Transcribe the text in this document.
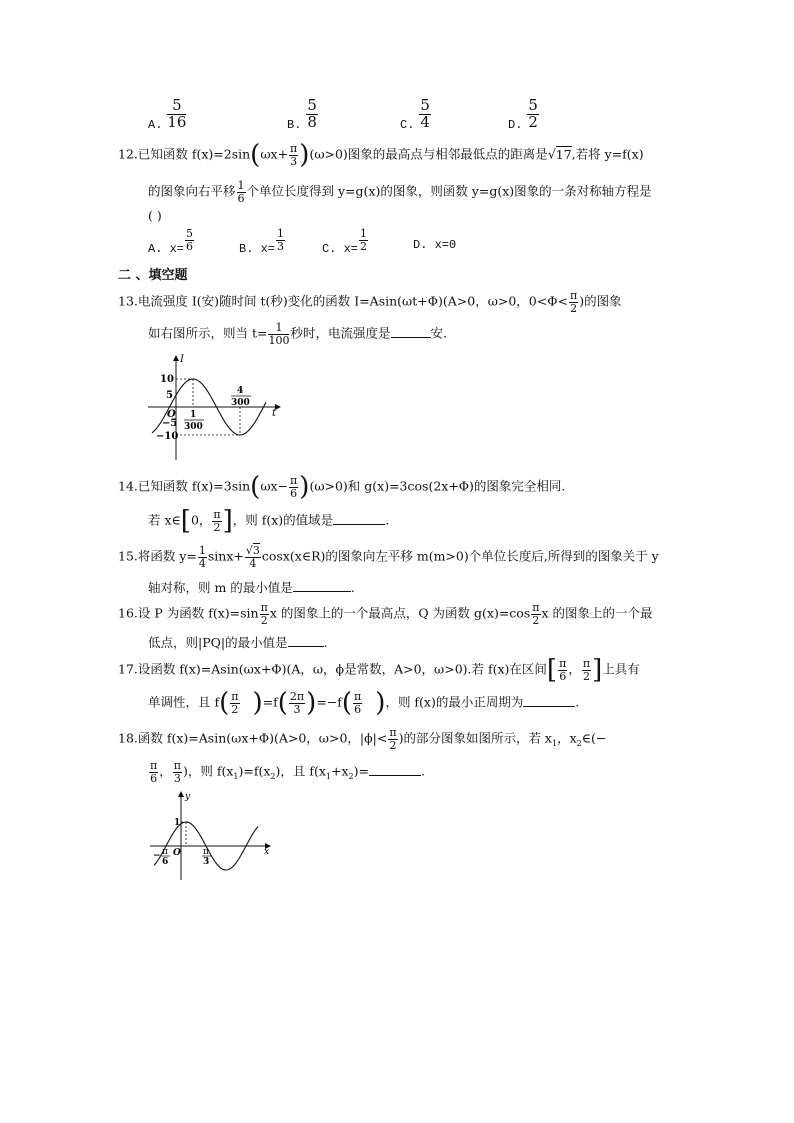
A. $\frac{5}{16}$	B. $\frac{5}{8}$	C. $\frac{5}{4}$	D. $\frac{5}{2}$
12.已知函数 $f(x)=2\sin(\omega x+ \frac{\pi}{3} )(\omega>0)$图象的最高点与相邻最低点的距离是√17,若将 y=f(x)
的图象向右平移 $\frac{1}{6}$ 个单位长度得到 y=g(x)的图象，则函数 y=g(x)图象的一条对称轴方程是
( )
A. $x= \frac{5}{6}$	B. $x= \frac{1}{3}$	C. $x= \frac{1}{2}$	D. x=0
二 、填空题
13.电流强度 I(安)随时间 t(秒)变化的函数 I=Asin(ωt+Φ)(A>0，ω>0，$0<\Phi< \frac{\pi}{2}$ )的图象
如右图所示，则当 $t= \frac{1}{100}$ 秒时，电流强度是	安.
I
t
O
10
5
−5
−10
1
300
4
300
14.已知函数 $f(x)=3\sin(\omega x- \frac{\pi}{6} )(\omega>0)$和 g(x)=3cos(2x+Φ)的图象完全相同.
若 x∈[0， $\frac{\pi}{2}$ ]，则 f(x)的值域是	.
15.将函数 $y= \frac{1}{4} \sin x+ \frac{√3}{4}$ cosx(x∈R)的图象向左平移 m(m>0)个单位长度后,所得到的图象关于 y
轴对称，则 m 的最小值是	.
16.设 P 为函数 $f(x)=\sin \frac{\pi}{2}$ x 的图象上的一个最高点，Q 为函数 $g(x)=\cos \frac{\pi}{2}$ x 的图象上的一个最
低点，则|PQ|的最小值是	.
17.设函数 f(x)=Asin(ωx+Φ)(A，ω，ϕ是常数，A>0，ω>0).若 f(x)在区间[ $\frac{\pi}{6}$ ， $\frac{\pi}{2}$ ]上具有
单调性，且 $f( \frac{\pi}{2} )=f( \frac{2\pi}{3} )=-f( \frac{\pi}{6}$ )，则 f(x)的最小正周期为	.
18.函数 f(x)=Asin(ωx+Φ)(A>0，ω>0，$|\phi|< \frac{\pi}{2}$ )的部分图象如图所示，若 $x_1$，$x_2\in(-$
$\frac{\pi}{6}$ ， $\frac{\pi}{3}$ )，则 $f(x_1)=f(x_2)$，且 $f(x_1+x_2)=$	.
y
x
O
1
− π
6
π
3
